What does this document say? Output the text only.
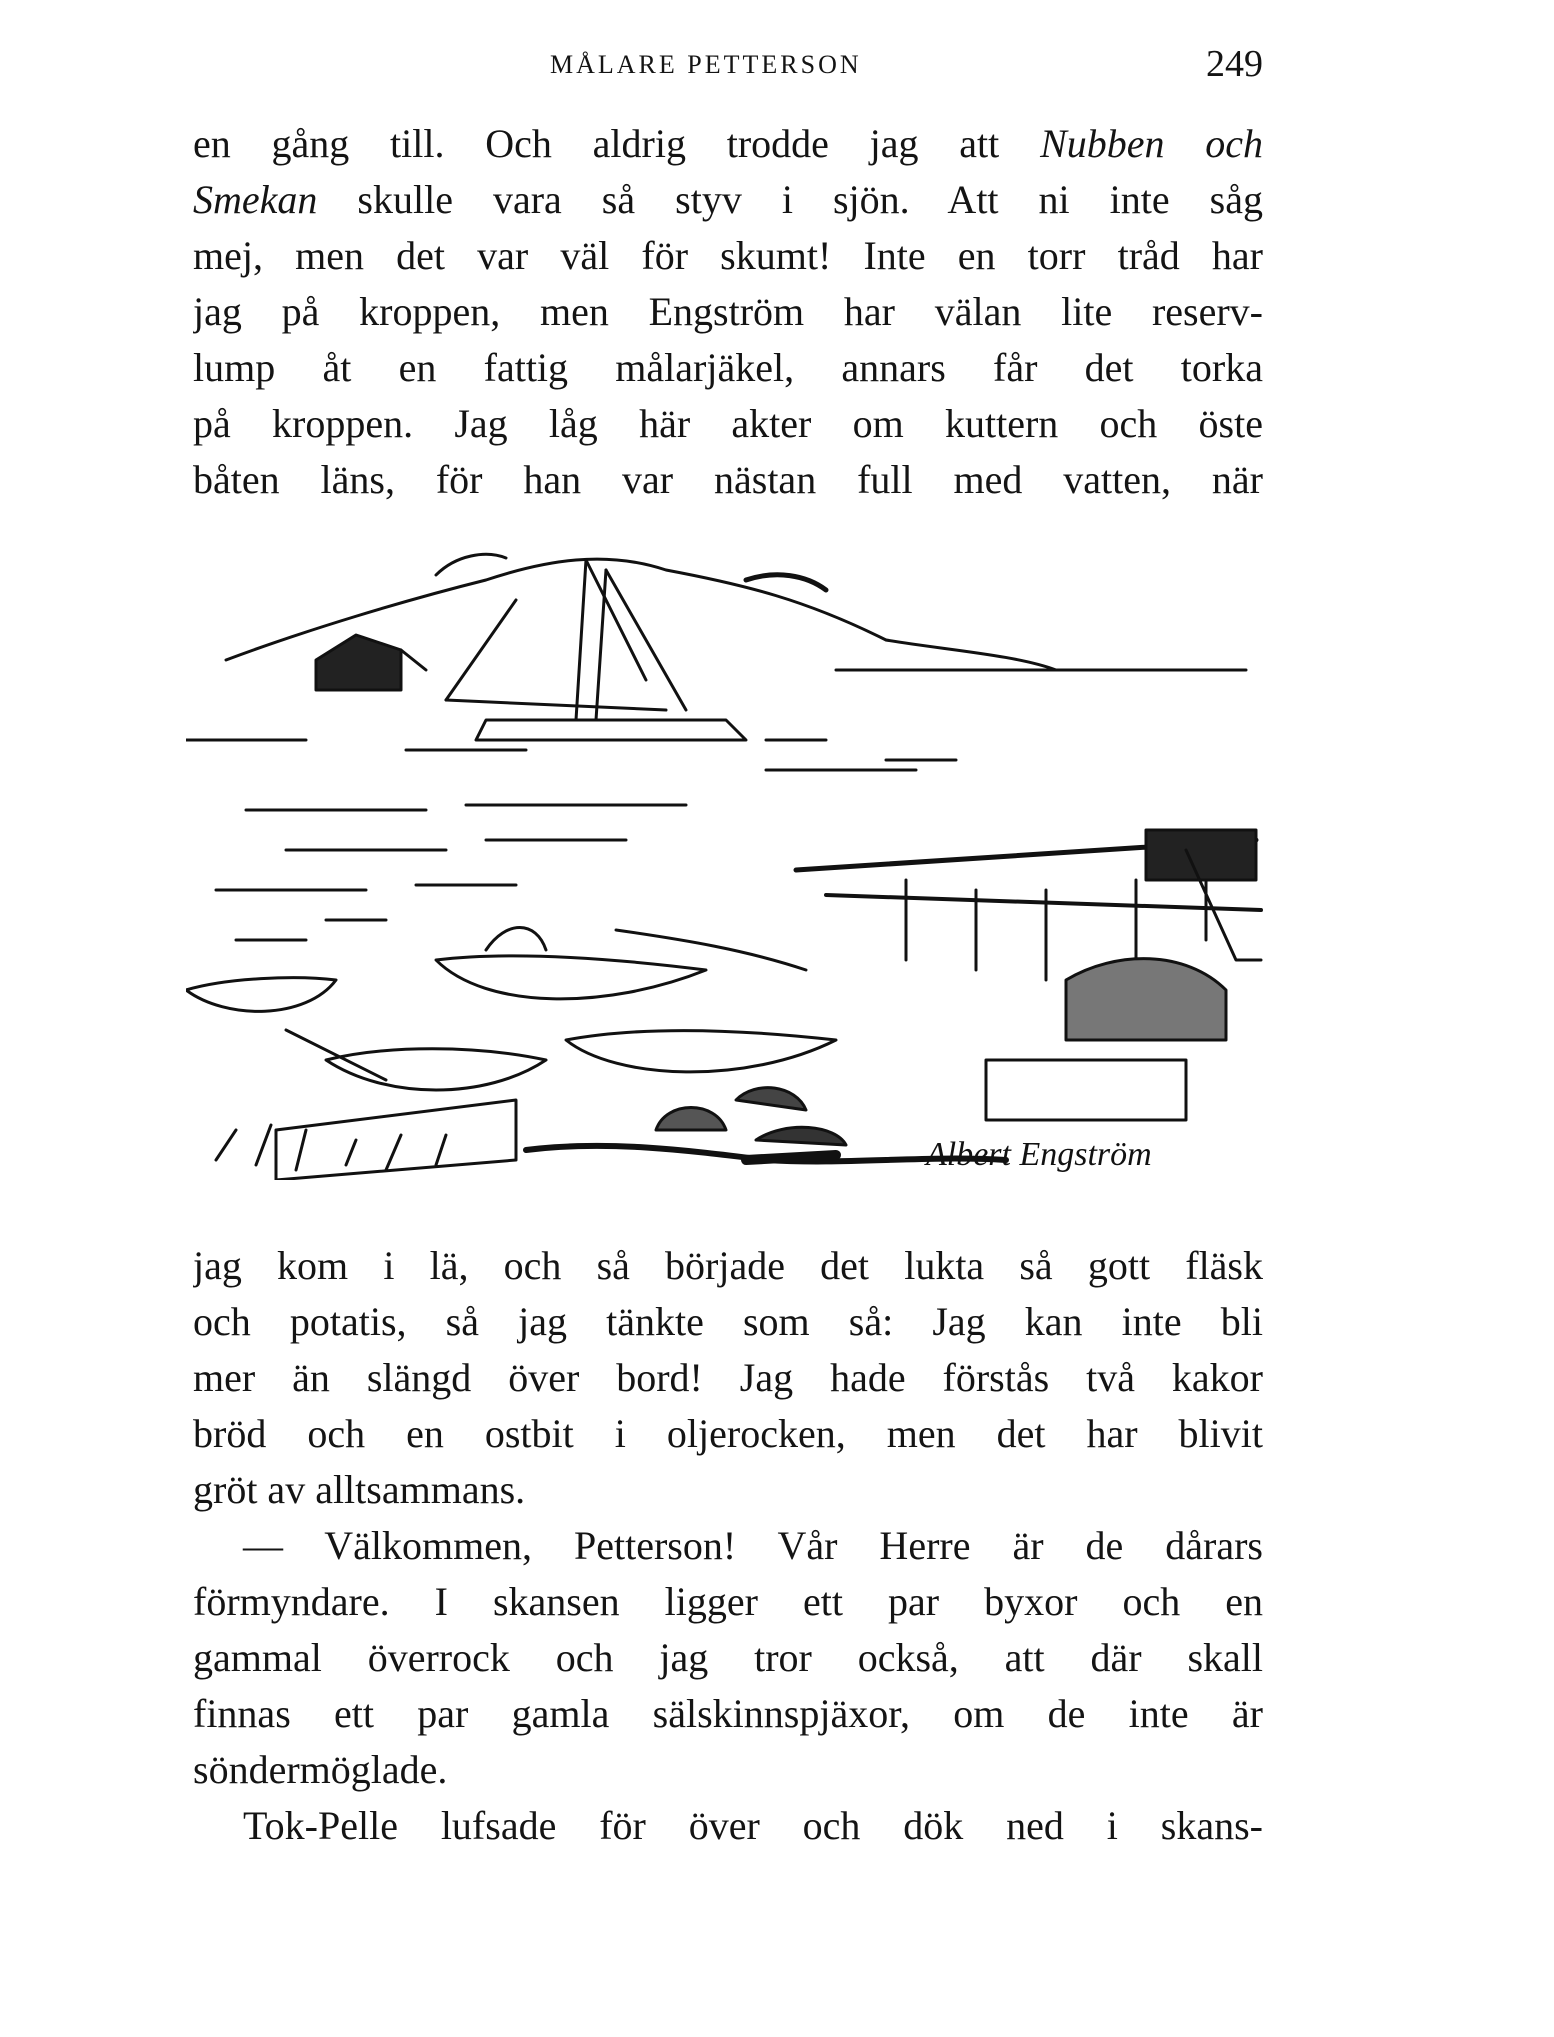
MÅLARE PETTERSON	249
en gång till. Och aldrig trodde jag att Nubben och
Smekan skulle vara så styv i sjön. Att ni inte såg
mej, men det var väl för skumt! Inte en torr tråd har
jag på kroppen, men Engström har välan lite reserv-
lump åt en fattig målarjäkel, annars får det torka
på kroppen. Jag låg här akter om kuttern och öste
båten läns, för han var nästan full med vatten, när
Albert Engström
jag kom i lä, och så började det lukta så gott fläsk
och potatis, så jag tänkte som så: Jag kan inte bli
mer än slängd över bord! Jag hade förstås två kakor
bröd och en ostbit i oljerocken, men det har blivit
gröt av alltsammans.
— Välkommen, Petterson! Vår Herre är de dårars
förmyndare. I skansen ligger ett par byxor och en
gammal överrock och jag tror också, att där skall
finnas ett par gamla sälskinnspjäxor, om de inte är
söndermöglade.
Tok-Pelle lufsade för över och dök ned i skans-
